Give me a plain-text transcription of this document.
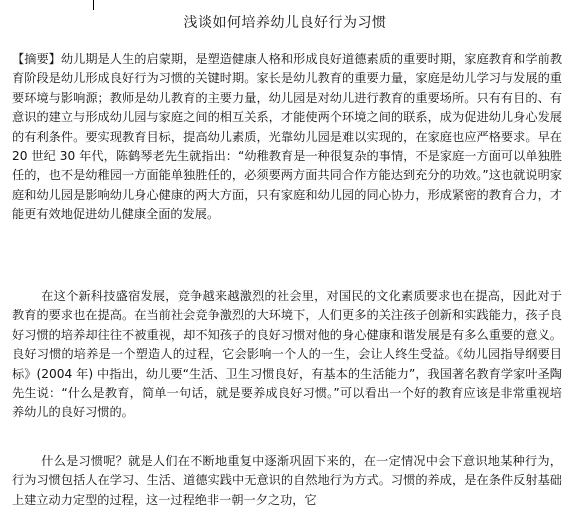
浅谈如何培养幼儿良好行为习惯

【摘要】幼儿期是人生的启蒙期，是塑造健康人格和形成良好道德素质的重要时期，家庭教育和学前教育阶段是幼儿形成良好行为习惯的关键时期。家长是幼儿教育的重要力量，家庭是幼儿学习与发展的重要环境与影响源；教师是幼儿教育的主要力量，幼儿园是对幼儿进行教育的重要场所。只有有目的、有意识的建立与形成幼儿园与家庭之间的相互关系，才能使两个环境之间的联系，成为促进幼儿身心发展的有利条件。要实现教育目标，提高幼儿素质，光靠幼儿园是难以实现的，在家庭也应严格要求。早在 20 世纪 30 年代，陈鹤琴老先生就指出：“幼稚教育是一种很复杂的事情，不是家庭一方面可以单独胜任的，也不是幼稚园一方面能单独胜任的，必须要两方面共同合作方能达到充分的功效。”这也就说明家庭和幼儿园是影响幼儿身心健康的两大方面，只有家庭和幼儿园的同心协力，形成紧密的教育合力，才能更有效地促进幼儿健康全面的发展。

在这个新科技盛宿发展，竞争越来越激烈的社会里，对国民的文化素质要求也在提高，因此对于教育的要求也在提高。在当前社会竞争激烈的大环境下，人们更多的关注孩子创新和实践能力，孩子良好习惯的培养却往往不被重视，却不知孩子的良好习惯对他的身心健康和谐发展是有多么重要的意义。良好习惯的培养是一个塑造人的过程，它会影响一个人的一生，会让人终生受益。《幼儿园指导纲要目标》(2004 年) 中指出，幼儿要“生活、卫生习惯良好，有基本的生活能力”，我国著名教育学家叶圣陶先生说：“什么是教育，简单一句话，就是要养成良好习惯。”可以看出一个好的教育应该是非常重视培养幼儿的良好习惯的。

什么是习惯呢？就是人们在不断地重复中逐渐巩固下来的，在一定情况中会下意识地某种行为，行为习惯包括人在学习、生活、道德实践中无意识的自然地行为方式。习惯的养成，是在条件反射基础上建立动力定型的过程，这一过程绝非一朝一夕之功，它
